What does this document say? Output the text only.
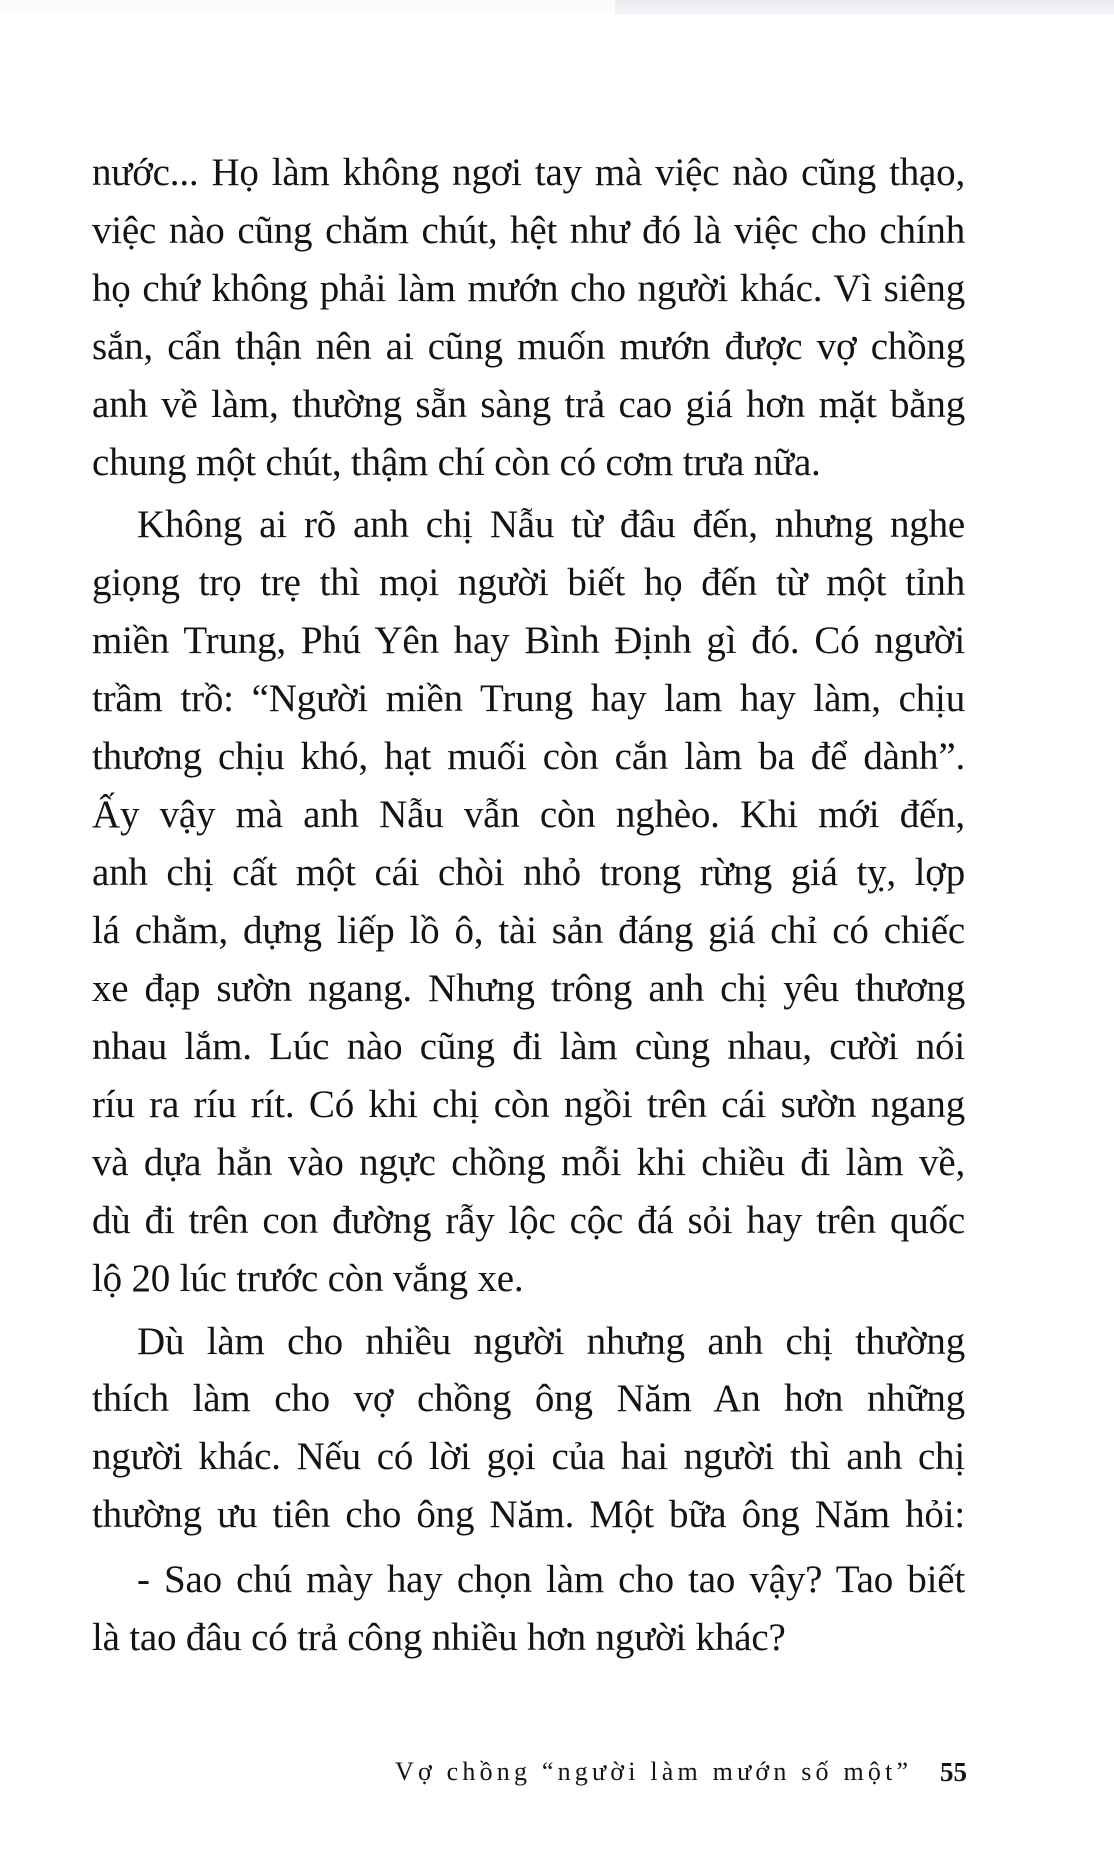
nước... Họ làm không ngơi tay mà việc nào cũng thạo,
việc nào cũng chăm chút, hệt như đó là việc cho chính
họ chứ không phải làm mướn cho người khác. Vì siêng
sắn, cẩn thận nên ai cũng muốn mướn được vợ chồng
anh về làm, thường sẵn sàng trả cao giá hơn mặt bằng
chung một chút, thậm chí còn có cơm trưa nữa.
Không ai rõ anh chị Nẫu từ đâu đến, nhưng nghe
giọng trọ trẹ thì mọi người biết họ đến từ một tỉnh
miền Trung, Phú Yên hay Bình Định gì đó. Có người
trầm trồ: “Người miền Trung hay lam hay làm, chịu
thương chịu khó, hạt muối còn cắn làm ba để dành”.
Ấy vậy mà anh Nẫu vẫn còn nghèo. Khi mới đến,
anh chị cất một cái chòi nhỏ trong rừng giá tỵ, lợp
lá chằm, dựng liếp lồ ô, tài sản đáng giá chỉ có chiếc
xe đạp sườn ngang. Nhưng trông anh chị yêu thương
nhau lắm. Lúc nào cũng đi làm cùng nhau, cười nói
ríu ra ríu rít. Có khi chị còn ngồi trên cái sườn ngang
và dựa hẳn vào ngực chồng mỗi khi chiều đi làm về,
dù đi trên con đường rẫy lộc cộc đá sỏi hay trên quốc
lộ 20 lúc trước còn vắng xe.
Dù làm cho nhiều người nhưng anh chị thường
thích làm cho vợ chồng ông Năm An hơn những
người khác. Nếu có lời gọi của hai người thì anh chị
thường ưu tiên cho ông Năm. Một bữa ông Năm hỏi:
- Sao chú mày hay chọn làm cho tao vậy? Tao biết
là tao đâu có trả công nhiều hơn người khác?
Vợ chồng “người làm mướn số một” 55
